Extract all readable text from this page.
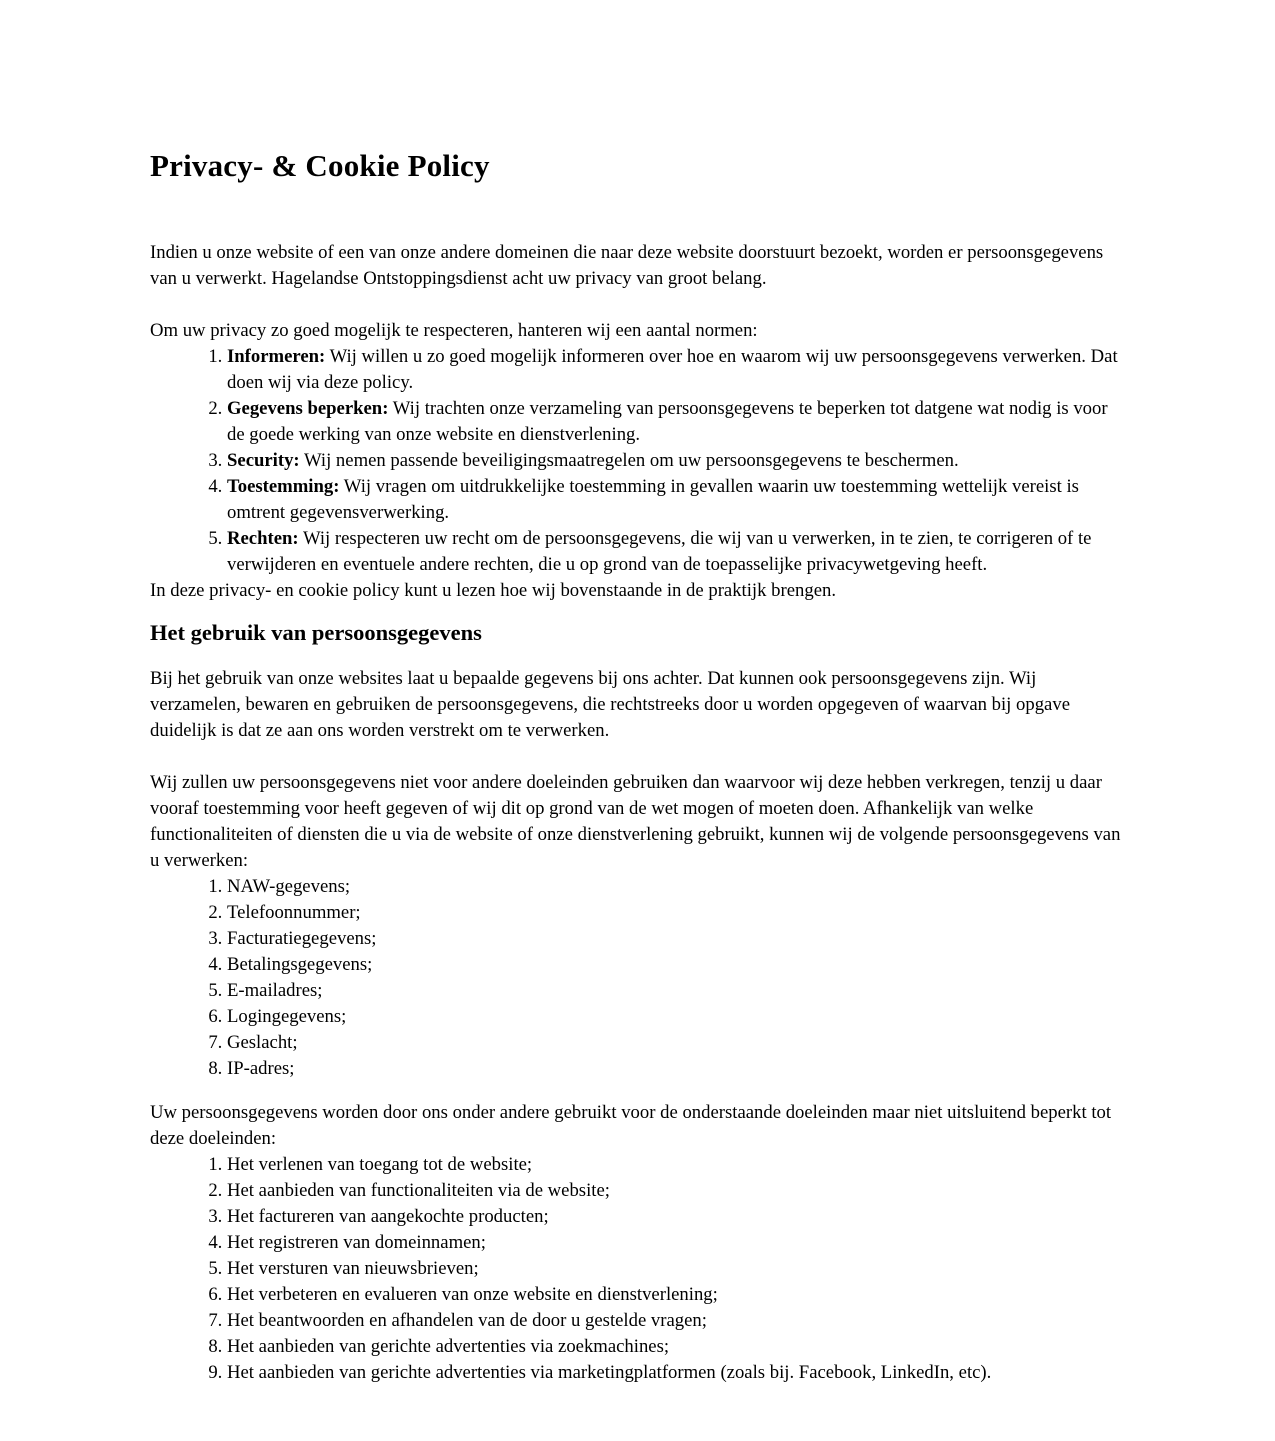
Privacy- & Cookie Policy

Indien u onze website of een van onze andere domeinen die naar deze website doorstuurt bezoekt, worden er persoonsgegevens van u verwerkt. Hagelandse Ontstoppingsdienst acht uw privacy van groot belang.

Om uw privacy zo goed mogelijk te respecteren, hanteren wij een aantal normen:

1. Informeren: Wij willen u zo goed mogelijk informeren over hoe en waarom wij uw persoonsgegevens verwerken. Dat doen wij via deze policy.
2. Gegevens beperken: Wij trachten onze verzameling van persoonsgegevens te beperken tot datgene wat nodig is voor de goede werking van onze website en dienstverlening.
3. Security: Wij nemen passende beveiligingsmaatregelen om uw persoonsgegevens te beschermen.
4. Toestemming: Wij vragen om uitdrukkelijke toestemming in gevallen waarin uw toestemming wettelijk vereist is omtrent gegevensverwerking.
5. Rechten: Wij respecteren uw recht om de persoonsgegevens, die wij van u verwerken, in te zien, te corrigeren of te verwijderen en eventuele andere rechten, die u op grond van de toepasselijke privacywetgeving heeft.

In deze privacy- en cookie policy kunt u lezen hoe wij bovenstaande in de praktijk brengen.

Het gebruik van persoonsgegevens

Bij het gebruik van onze websites laat u bepaalde gegevens bij ons achter. Dat kunnen ook persoonsgegevens zijn. Wij verzamelen, bewaren en gebruiken de persoonsgegevens, die rechtstreeks door u worden opgegeven of waarvan bij opgave duidelijk is dat ze aan ons worden verstrekt om te verwerken.

Wij zullen uw persoonsgegevens niet voor andere doeleinden gebruiken dan waarvoor wij deze hebben verkregen, tenzij u daar vooraf toestemming voor heeft gegeven of wij dit op grond van de wet mogen of moeten doen. Afhankelijk van welke functionaliteiten of diensten die u via de website of onze dienstverlening gebruikt, kunnen wij de volgende persoonsgegevens van u verwerken:

1. NAW-gegevens;
2. Telefoonnummer;
3. Facturatiegegevens;
4. Betalingsgegevens;
5. E-mailadres;
6. Logingegevens;
7. Geslacht;
8. IP-adres;

Uw persoonsgegevens worden door ons onder andere gebruikt voor de onderstaande doeleinden maar niet uitsluitend beperkt tot deze doeleinden:

1. Het verlenen van toegang tot de website;
2. Het aanbieden van functionaliteiten via de website;
3. Het factureren van aangekochte producten;
4. Het registreren van domeinnamen;
5. Het versturen van nieuwsbrieven;
6. Het verbeteren en evalueren van onze website en dienstverlening;
7. Het beantwoorden en afhandelen van de door u gestelde vragen;
8. Het aanbieden van gerichte advertenties via zoekmachines;
9. Het aanbieden van gerichte advertenties via marketingplatformen (zoals bij. Facebook, LinkedIn, etc).
